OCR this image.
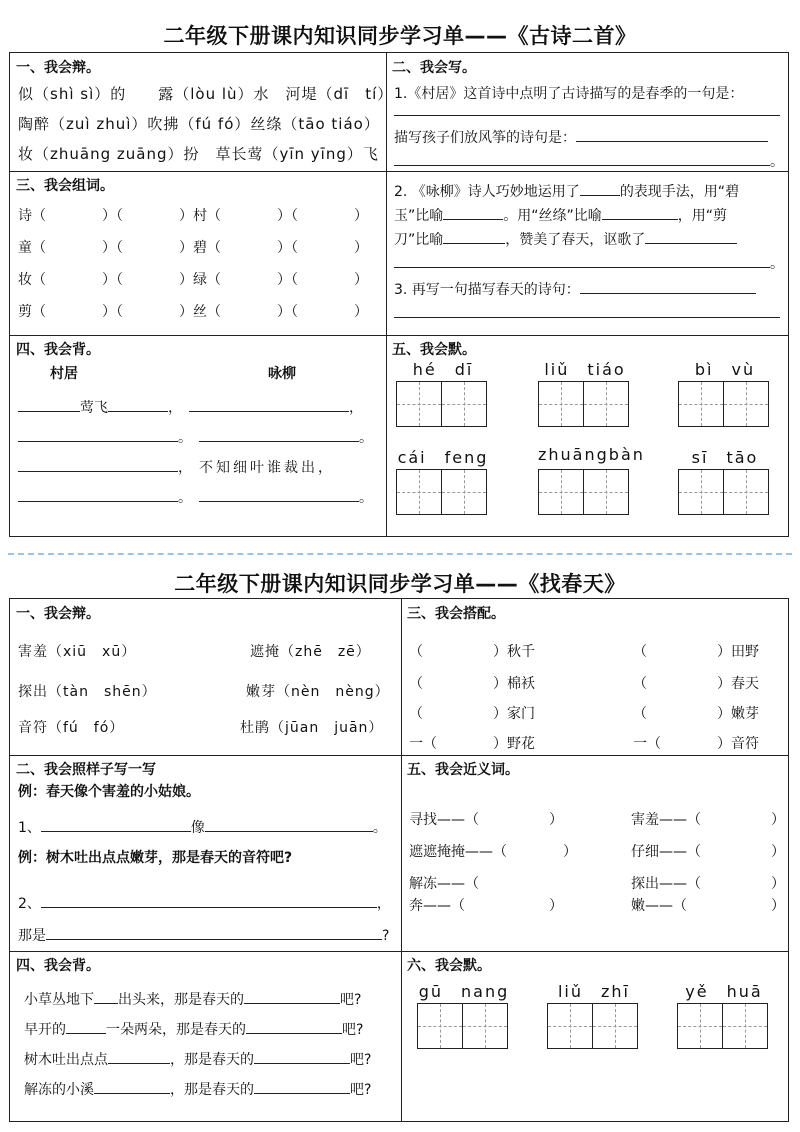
二年级下册课内知识同步学习单——《古诗二首》
一、我会辩。
似（shì sì）的　　露（lòu lù）水　河堤（dī　tí）
陶醉（zuì zhuì）吹拂（fú fó）丝绦（tāo tiáo）
妆（zhuāng zuāng）扮　草长莺（yīn yīng）飞
二、我会写。
1.《村居》这首诗中点明了古诗描写的是春季的一句是：
描写孩子们放风筝的诗句是：
。
2. 《咏柳》诗人巧妙地运用了	的表现手法，用“碧
玉”比喻	。用“丝绦”比喻	，用“剪
刀”比喻	，赞美了春天，讴歌了
。
3. 再写一句描写春天的诗句：
三、我会组词。
诗（	）（	）村（	）（	）
童（	）（	）碧（	）（	）
妆（	）（	）绿（	）（	）
剪（	）（	）丝（	）（	）
四、我会背。
村居	咏柳
莺飞	，　	，
。　	。
，　 不知细叶谁裁出，
。　	。
五、我会默。
hé　dī	liǔ　tiáo	bì　vù
cái　feng	zhuāngbàn	sī　tāo
二年级下册课内知识同步学习单——《找春天》
一、我会辩。
害羞（xiū　xū）	遮掩（zhē　zē）
探出（tàn　shēn）	嫩芽（nèn　nèng）
音符（fú　fó）	杜鹃（jūan　juān）
三、我会搭配。
（　　　　　）秋千	（　　　　　）田野
（　　　　　）棉袄	（　　　　　）春天
（　　　　　）家门	（　　　　　）嫩芽
一（　　　　）野花	一（　　　　）音符
二、我会照样子写一写
例：春天像个害羞的小姑娘。
1、	像	。
例：树木吐出点点嫩芽，那是春天的音符吧?
2、	，
那是	?
五、我会近义词。
寻找——（　　　　　）	害羞——（　　　　　）
遮遮掩掩——（　　　　）	仔细——（　　　　　）
解冻——（	探出——（　　　　　）
奔——（　　　　　　）	嫩——（　　　　　　）
四、我会背。
小草丛地下 出头来，那是春天的	吧?
早开的	一朵两朵，那是春天的	吧?
树木吐出点点	，那是春天的	吧?
解冻的小溪	，那是春天的	吧?
六、我会默。
gū　nang	liǔ　zhī	yě　huā
